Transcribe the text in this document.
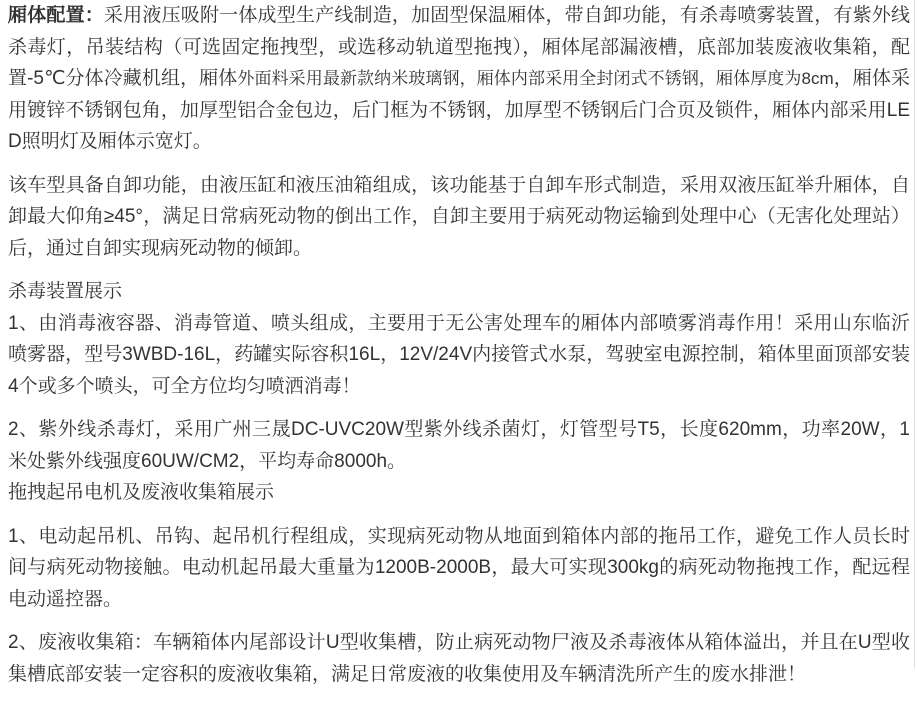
厢体配置：采用液压吸附一体成型生产线制造，加固型保温厢体，带自卸功能，有杀毒喷雾装置，有紫外线杀毒灯，吊装结构（可选固定拖拽型，或选移动轨道型拖拽），厢体尾部漏液槽，底部加装废液收集箱，配置-5℃分体冷藏机组，厢体外面料采用最新款纳米玻璃钢，厢体内部采用全封闭式不锈钢，厢体厚度为8cm，厢体采用镀锌不锈钢包角，加厚型铝合金包边，后门框为不锈钢，加厚型不锈钢后门合页及锁件，厢体内部采用LED照明灯及厢体示宽灯。

该车型具备自卸功能，由液压缸和液压油箱组成，该功能基于自卸车形式制造，采用双液压缸举升厢体，自卸最大仰角≥45°，满足日常病死动物的倒出工作，自卸主要用于病死动物运输到处理中心（无害化处理站）后，通过自卸实现病死动物的倾卸。

杀毒装置展示
1、由消毒液容器、消毒管道、喷头组成，主要用于无公害处理车的厢体内部喷雾消毒作用！采用山东临沂喷雾器，型号3WBD-16L，药罐实际容积16L，12V/24V内接管式水泵，驾驶室电源控制，箱体里面顶部安装4个或多个喷头，可全方位均匀喷洒消毒！

2、紫外线杀毒灯，采用广州三晟DC-UVC20W型紫外线杀菌灯，灯管型号T5，长度620mm，功率20W，1米处紫外线强度60UW/CM2，平均寿命8000h。
拖拽起吊电机及废液收集箱展示

1、电动起吊机、吊钩、起吊机行程组成，实现病死动物从地面到箱体内部的拖吊工作，避免工作人员长时间与病死动物接触。电动机起吊最大重量为1200B-2000B，最大可实现300kg的病死动物拖拽工作，配远程电动遥控器。

2、废液收集箱：车辆箱体内尾部设计U型收集槽，防止病死动物尸液及杀毒液体从箱体溢出，并且在U型收集槽底部安装一定容积的废液收集箱，满足日常废液的收集使用及车辆清洗所产生的废水排泄！
